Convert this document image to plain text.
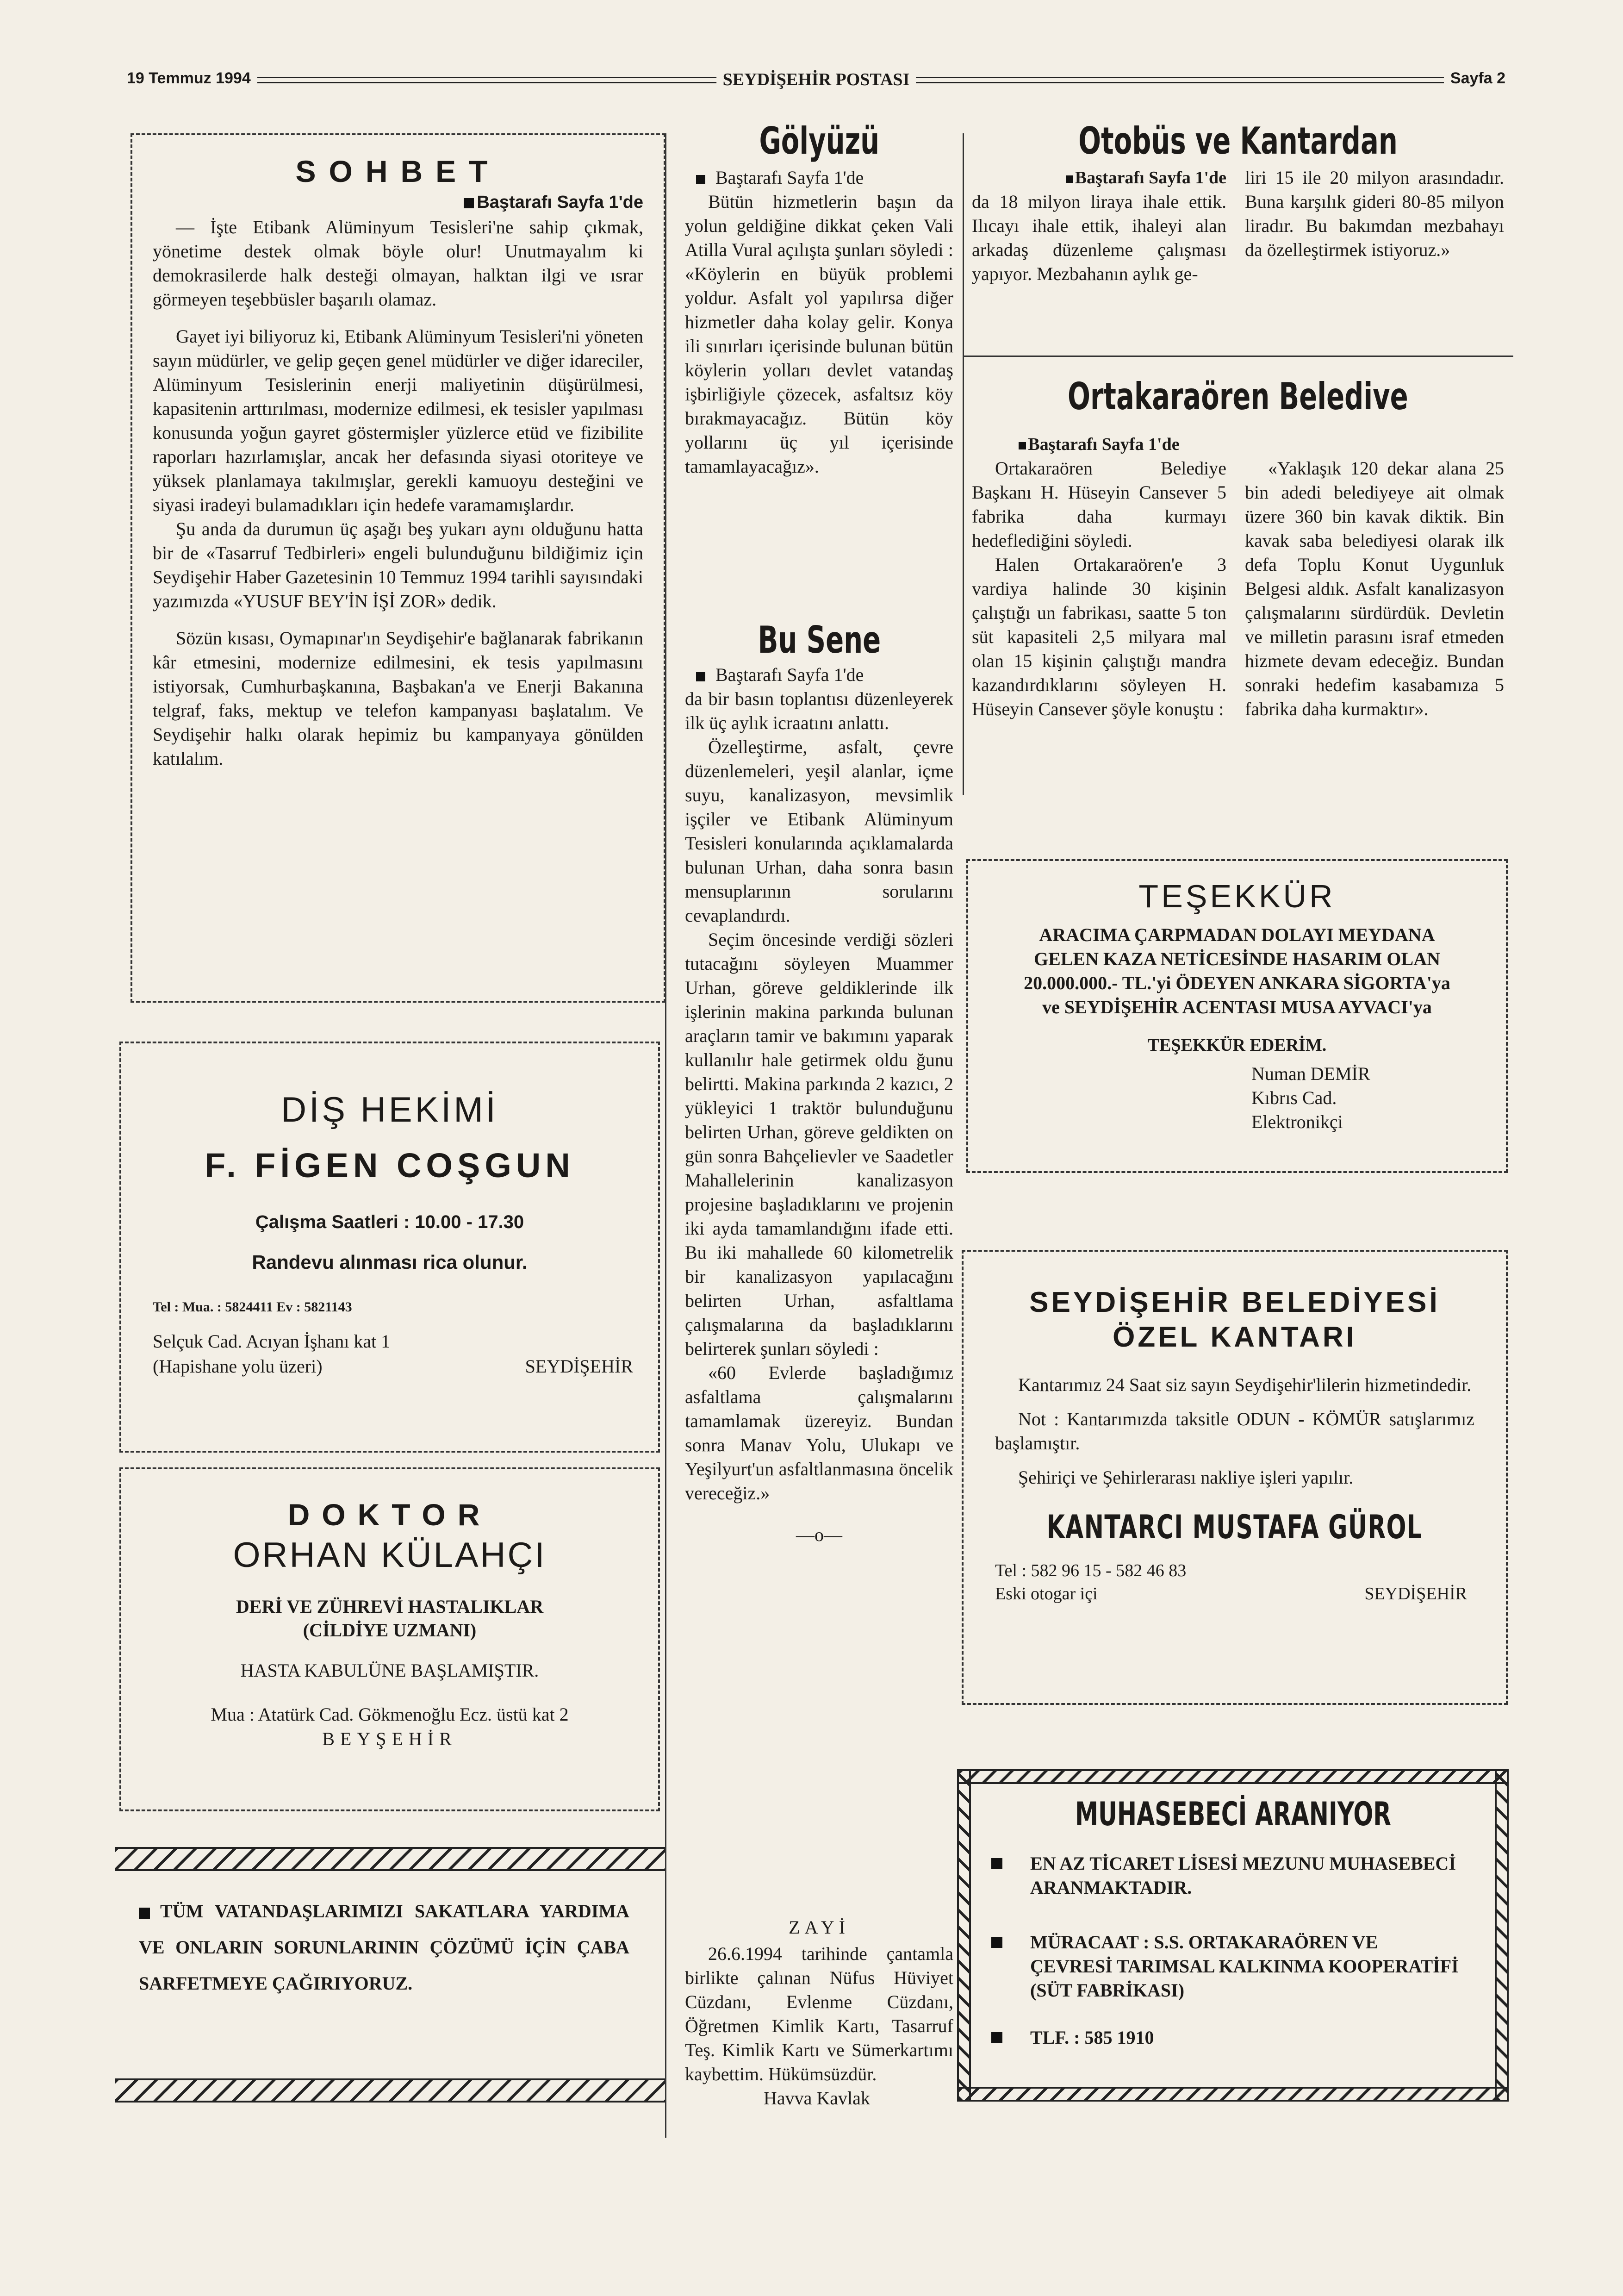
19 Temmuz 1994	SEYDİŞEHİR POSTASI	Sayfa 2
SOHBET
Baştarafı Sayfa 1'de

— İşte Etibank Alüminyum Tesisleri'ne sahip çıkmak, yönetime destek olmak böyle olur! Unutmayalım ki demokrasilerde halk desteği olmayan, halktan ilgi ve ısrar görmeyen teşebbüsler başarılı olamaz.

Gayet iyi biliyoruz ki, Etibank Alüminyum Tesisleri'ni yöneten sayın müdürler, ve gelip geçen genel müdürler ve diğer idareciler, Alüminyum Tesislerinin enerji maliyetinin düşürülmesi, kapasitenin arttırılması, modernize edilmesi, ek tesisler yapılması konusunda yoğun gayret göstermişler yüzlerce etüd ve fizibilite raporları hazırlamışlar, ancak her defasında siyasi otoriteye ve yüksek planlamaya takılmışlar, gerekli kamuoyu desteğini ve siyasi iradeyi bulamadıkları için hedefe varamamışlardır.

Şu anda da durumun üç aşağı beş yukarı aynı olduğunu hatta bir de «Tasarruf Tedbirleri» engeli bulunduğunu bildiğimiz için Seydişehir Haber Gazetesinin 10 Temmuz 1994 tarihli sayısındaki yazımızda «YUSUF BEY'İN İŞİ ZOR» dedik.

Sözün kısası, Oymapınar'ın Seydişehir'e bağlanarak fabrikanın kâr etmesini, modernize edilmesini, ek tesis yapılmasını istiyorsak, Cumhurbaşkanına, Başbakan'a ve Enerji Bakanına telgraf, faks, mektup ve telefon kampanyası başlatalım. Ve Seydişehir halkı olarak hepimiz bu kampanyaya gönülden katılalım.

DİŞ HEKİMİ
F. FİGEN COŞGUN
Çalışma Saatleri : 10.00 - 17.30
Randevu alınması rica olunur.
Tel : Mua. : 5824411 Ev : 5821143
Selçuk Cad. Acıyan İşhanı kat 1
(Hapishane yolu üzeri)	SEYDİŞEHİR
DOKTOR
ORHAN KÜLAHÇI
DERİ VE ZÜHREVİ HASTALIKLAR
(CİLDİYE UZMANI)
HASTA KABULÜNE BAŞLAMIŞTIR.
Mua : Atatürk Cad. Gökmenoğlu Ecz. üstü kat 2
BEYŞEHİR
TÜM VATANDAŞLARIMIZI SAKATLARA YARDIMA VE ONLARIN SORUNLARININ ÇÖZÜMÜ İÇİN ÇABA SARFETMEYE ÇAĞIRIYORUZ.
Gölyüzü
Baştarafı Sayfa 1'de

Bütün hizmetlerin başın da yolun geldiğine dikkat çeken Vali Atilla Vural açılışta şunları söyledi : «Köylerin en büyük problemi yoldur. Asfalt yol yapılırsa diğer hizmetler daha kolay gelir. Konya ili sınırları içerisinde bulunan bütün köylerin yolları devlet vatandaş işbirliğiyle çözecek, asfaltsız köy bırakmayacağız. Bütün köy yollarını üç yıl içerisinde tamamlayacağız».

Bu Sene
Baştarafı Sayfa 1'de

da bir basın toplantısı düzenleyerek ilk üç aylık icraatını anlattı.

Özelleştirme, asfalt, çevre düzenlemeleri, yeşil alanlar, içme suyu, kanalizasyon, mevsimlik işçiler ve Etibank Alüminyum Tesisleri konularında açıklamalarda bulunan Urhan, daha sonra basın mensuplarının sorularını cevaplandırdı.

Seçim öncesinde verdiği sözleri tutacağını söyleyen Muammer Urhan, göreve geldiklerinde ilk işlerinin makina parkında bulunan araçların tamir ve bakımını yaparak kullanılır hale getirmek oldu ğunu belirtti. Makina parkında 2 kazıcı, 2 yükleyici 1 traktör bulunduğunu belirten Urhan, göreve geldikten on gün sonra Bahçelievler ve Saadetler Mahallelerinin kanalizasyon projesine başladıklarını ve projenin iki ayda tamamlandığını ifade etti. Bu iki mahallede 60 kilometrelik bir kanalizasyon yapılacağını belirten Urhan, asfaltlama çalışmalarına da başladıklarını belirterek şunları söyledi :

«60 Evlerde başladığımız asfaltlama çalışmalarını tamamlamak üzereyiz. Bundan sonra Manav Yolu, Ulukapı ve Yeşilyurt'un asfaltlanmasına öncelik vereceğiz.»

—o—
ZAYİ

26.6.1994 tarihinde çantamla birlikte çalınan Nüfus Hüviyet Cüzdanı, Evlenme Cüzdanı, Öğretmen Kimlik Kartı, Tasarruf Teş. Kimlik Kartı ve Sümerkartımı kaybettim. Hükümsüzdür.

Havva Kavlak
Otobüs ve Kantardan
Baştarafı Sayfa 1'de

da 18 milyon liraya ihale ettik. Ilıcayı ihale ettik, ihaleyi alan arkadaş düzenleme çalışması yapıyor. Mezbahanın aylık ge-

liri 15 ile 20 milyon arasındadır. Buna karşılık gideri 80-85 milyon liradır. Bu bakımdan mezbahayı da özelleştirmek istiyoruz.»

Ortakaraören Beledive
Baştarafı Sayfa 1'de

Ortakaraören Belediye Başkanı H. Hüseyin Cansever 5 fabrika daha kurmayı hedeflediğini söyledi.

Halen Ortakaraören'e 3 vardiya halinde 30 kişinin çalıştığı un fabrikası, saatte 5 ton süt kapasiteli 2,5 milyara mal olan 15 kişinin çalıştığı mandra kazandırdıklarını söyleyen H. Hüseyin Cansever şöyle konuştu :

«Yaklaşık 120 dekar alana 25 bin adedi belediyeye ait olmak üzere 360 bin kavak diktik. Bin kavak saba belediyesi olarak ilk defa Toplu Konut Uygunluk Belgesi aldık. Asfalt kanalizasyon çalışmalarını sürdürdük. Devletin ve milletin parasını israf etmeden hizmete devam edeceğiz. Bundan sonraki hedefim kasabamıza 5 fabrika daha kurmaktır».

TEŞEKKÜR
ARACIMA ÇARPMADAN DOLAYI MEYDANA
GELEN KAZA NETİCESİNDE HASARIM OLAN
20.000.000.- TL.'yi ÖDEYEN ANKARA SİGORTA'ya
ve SEYDİŞEHİR ACENTASI MUSA AYVACI'ya
TEŞEKKÜR EDERİM.
Numan DEMİR
Kıbrıs Cad.
Elektronikçi
SEYDİŞEHİR BELEDİYESİ
ÖZEL KANTARI

Kantarımız 24 Saat siz sayın Seydişehir'lilerin hizmetindedir.

Not : Kantarımızda taksitle ODUN - KÖMÜR satışlarımız başlamıştır.

Şehiriçi ve Şehirlerarası nakliye işleri yapılır.

KANTARCI MUSTAFA GÜROL
Tel : 582 96 15 - 582 46 83
Eski otogar içi	SEYDİŞEHİR
MUHASEBECİ ARANIYOR
EN AZ TİCARET LİSESİ MEZUNU MUHASEBECİ ARANMAKTADIR.
MÜRACAAT : S.S. ORTAKARAÖREN VE ÇEVRESİ TARIMSAL KALKINMA KOOPERATİFİ (SÜT FABRİKASI)
TLF. : 585 1910
